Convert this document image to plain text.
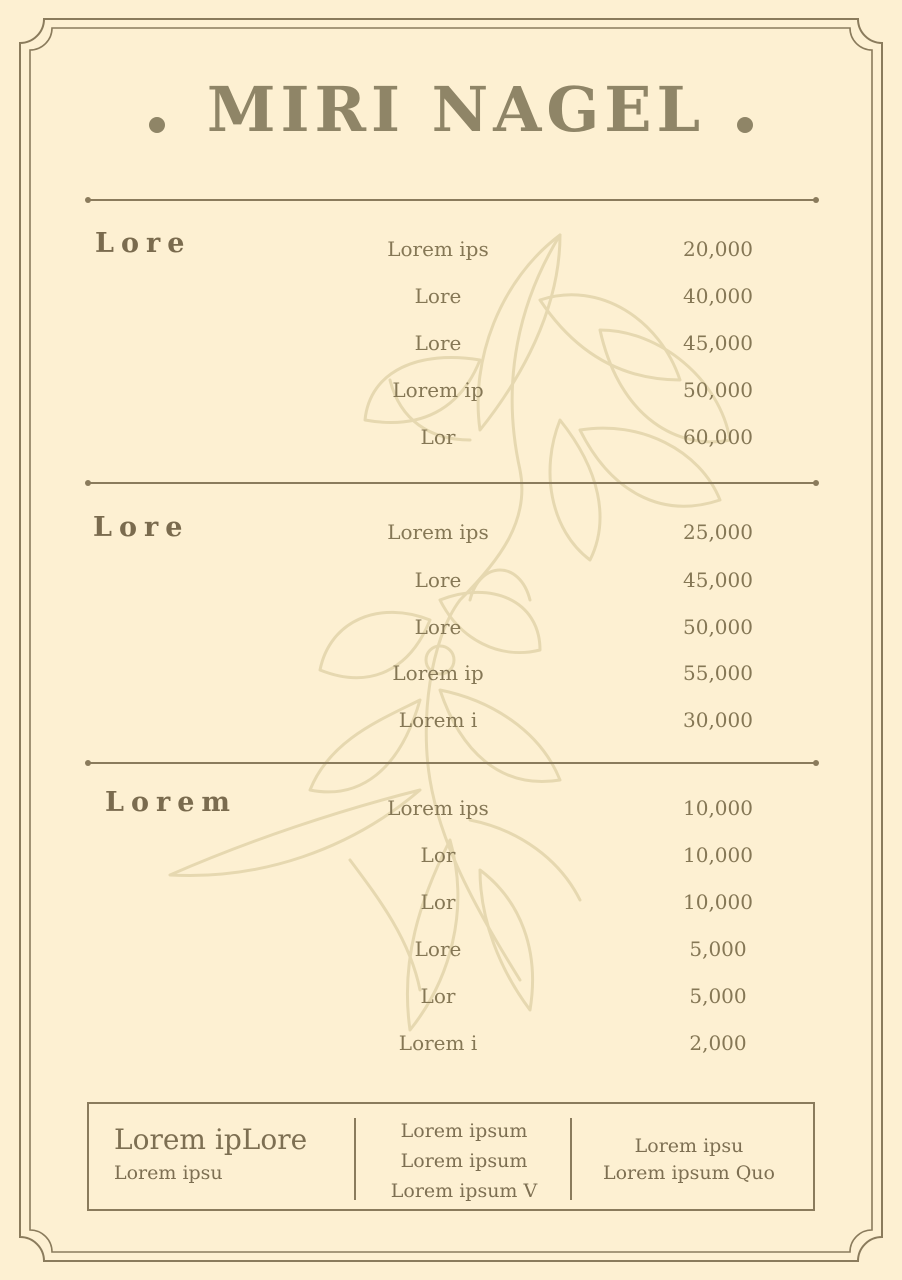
MIRI NAGEL
Lore	Lorem ips	20,000
Lore	40,000
Lore	45,000
Lorem ip	50,000
Lor	60,000
Lore	Lorem ips	25,000
Lore	45,000
Lore	50,000
Lorem ip	55,000
Lorem i	30,000
Lorem	Lorem ips	10,000
Lor	10,000
Lor	10,000
Lore	5,000
Lor	5,000
Lorem i	2,000
Lorem ipLore
Lorem ipsu
Lorem ipsum
Lorem ipsum
Lorem ipsum V
Lorem ipsu
Lorem ipsum Quo
